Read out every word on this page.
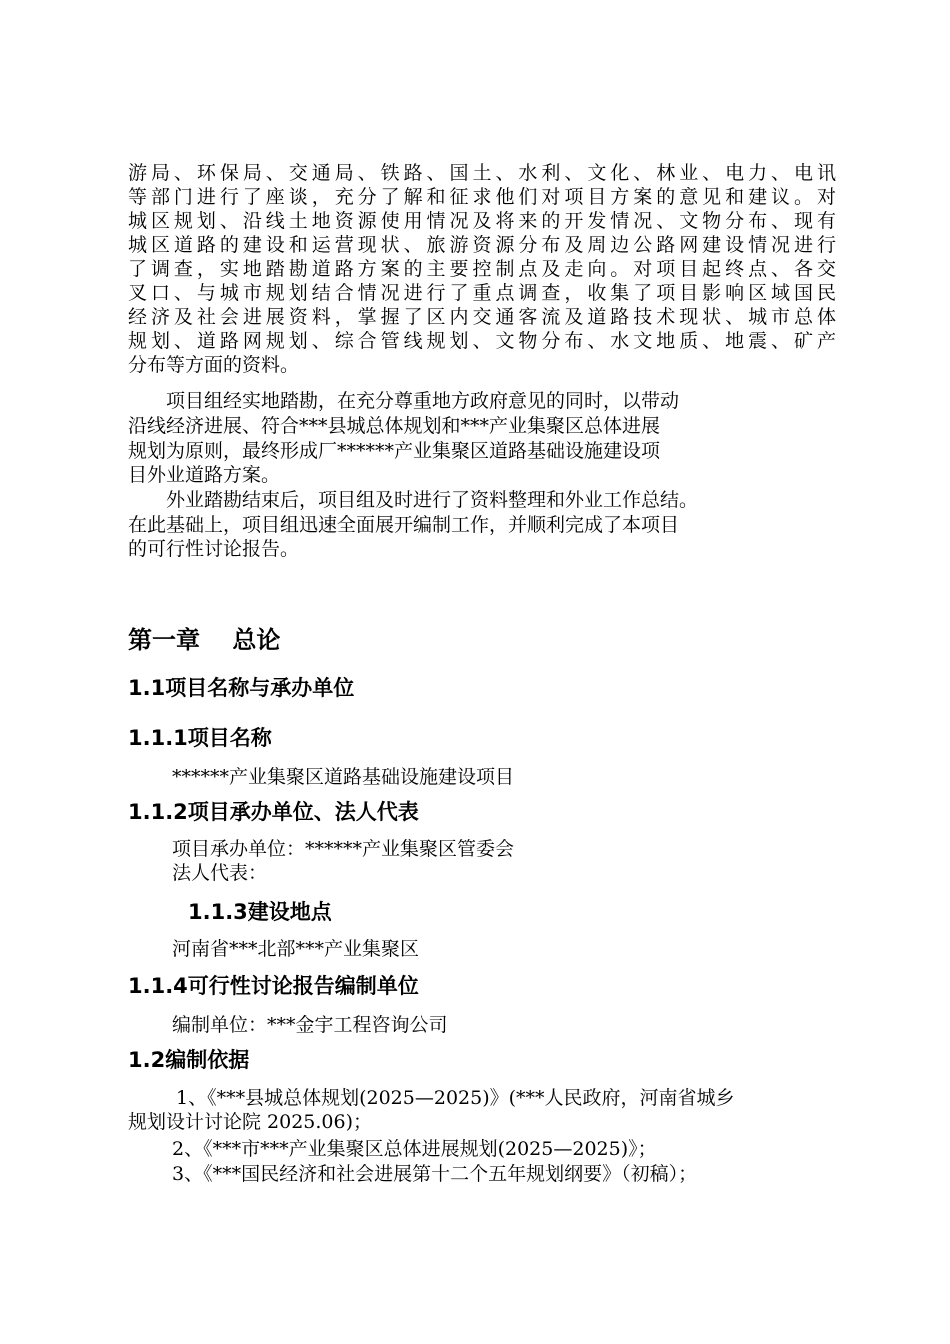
游局、环保局、交通局、铁路、国土、水利、文化、林业、电力、电讯
等部门进行了座谈，充分了解和征求他们对项目方案的意见和建议。对
城区规划、沿线土地资源使用情况及将来的开发情况、文物分布、现有
城区道路的建设和运营现状、旅游资源分布及周边公路网建设情况进行
了调查，实地踏勘道路方案的主要控制点及走向。对项目起终点、各交
叉口、与城市规划结合情况进行了重点调查，收集了项目影响区域国民
经济及社会进展资料，掌握了区内交通客流及道路技术现状、城市总体
规划、道路网规划、综合管线规划、文物分布、水文地质、地震、矿产
分布等方面的资料。
项目组经实地踏勘，在充分尊重地方政府意见的同时，以带动
沿线经济进展、符合***县城总体规划和***产业集聚区总体进展
规划为原则，最终形成厂******产业集聚区道路基础设施建设项
目外业道路方案。
外业踏勘结束后，项目组及时进行了资料整理和外业工作总结。
在此基础上，项目组迅速全面展开编制工作，并顺利完成了本项目
的可行性讨论报告。
第一章　 总论
1.1项目名称与承办单位
1.1.1项目名称
******产业集聚区道路基础设施建设项目
1.1.2项目承办单位、法人代表
项目承办单位：******产业集聚区管委会
法人代表：
1.1.3建设地点
河南省***北部***产业集聚区
1.1.4可行性讨论报告编制单位
编制单位：***金宇工程咨询公司
1.2编制依据
1、《***县城总体规划(2025—2025)》(***人民政府，河南省城乡
规划设计讨论院 2025.06)；
2、《***市***产业集聚区总体进展规划(2025—2025)》；
3、《***国民经济和社会进展第十二个五年规划纲要》（初稿）；
